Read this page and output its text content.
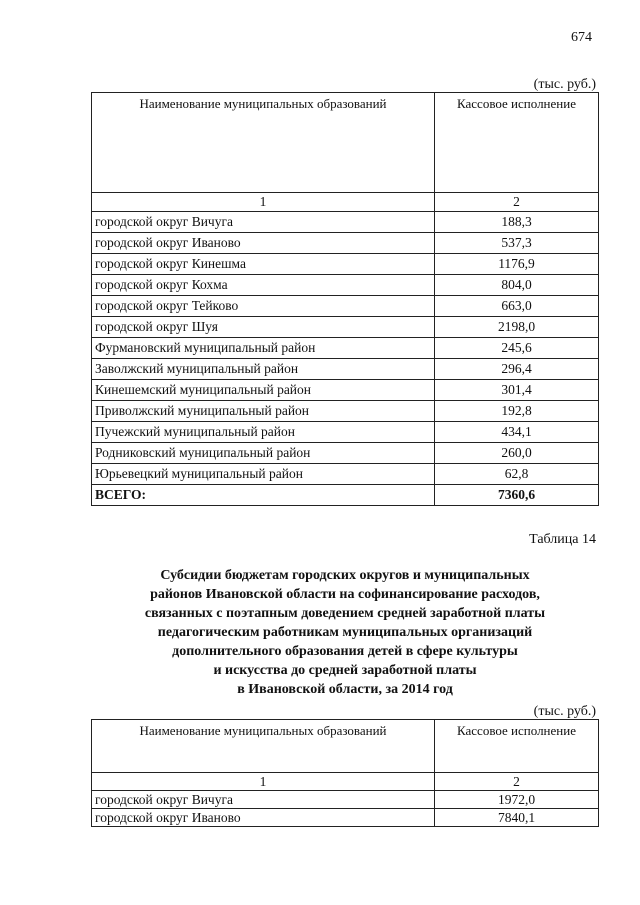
674
(тыс. руб.)
Наименование муниципальных образований	Кассовое исполнение
1	2
городской округ Вичуга	188,3
городской округ Иваново	537,3
городской округ Кинешма	1176,9
городской округ Кохма	804,0
городской округ Тейково	663,0
городской округ Шуя	2198,0
Фурмановский муниципальный район	245,6
Заволжский муниципальный район	296,4
Кинешемский муниципальный район	301,4
Приволжский муниципальный район	192,8
Пучежский муниципальный район	434,1
Родниковский муниципальный район	260,0
Юрьевецкий муниципальный район	62,8
ВСЕГО:	7360,6
Таблица 14
Субсидии бюджетам городских округов и муниципальных
районов Ивановской области на софинансирование расходов,
связанных с поэтапным доведением средней заработной платы
педагогическим работникам муниципальных организаций
дополнительного образования детей в сфере культуры
и искусства до средней заработной платы
в Ивановской области, за 2014 год
(тыс. руб.)
Наименование муниципальных образований	Кассовое исполнение
1	2
городской округ Вичуга	1972,0
городской округ Иваново	7840,1
